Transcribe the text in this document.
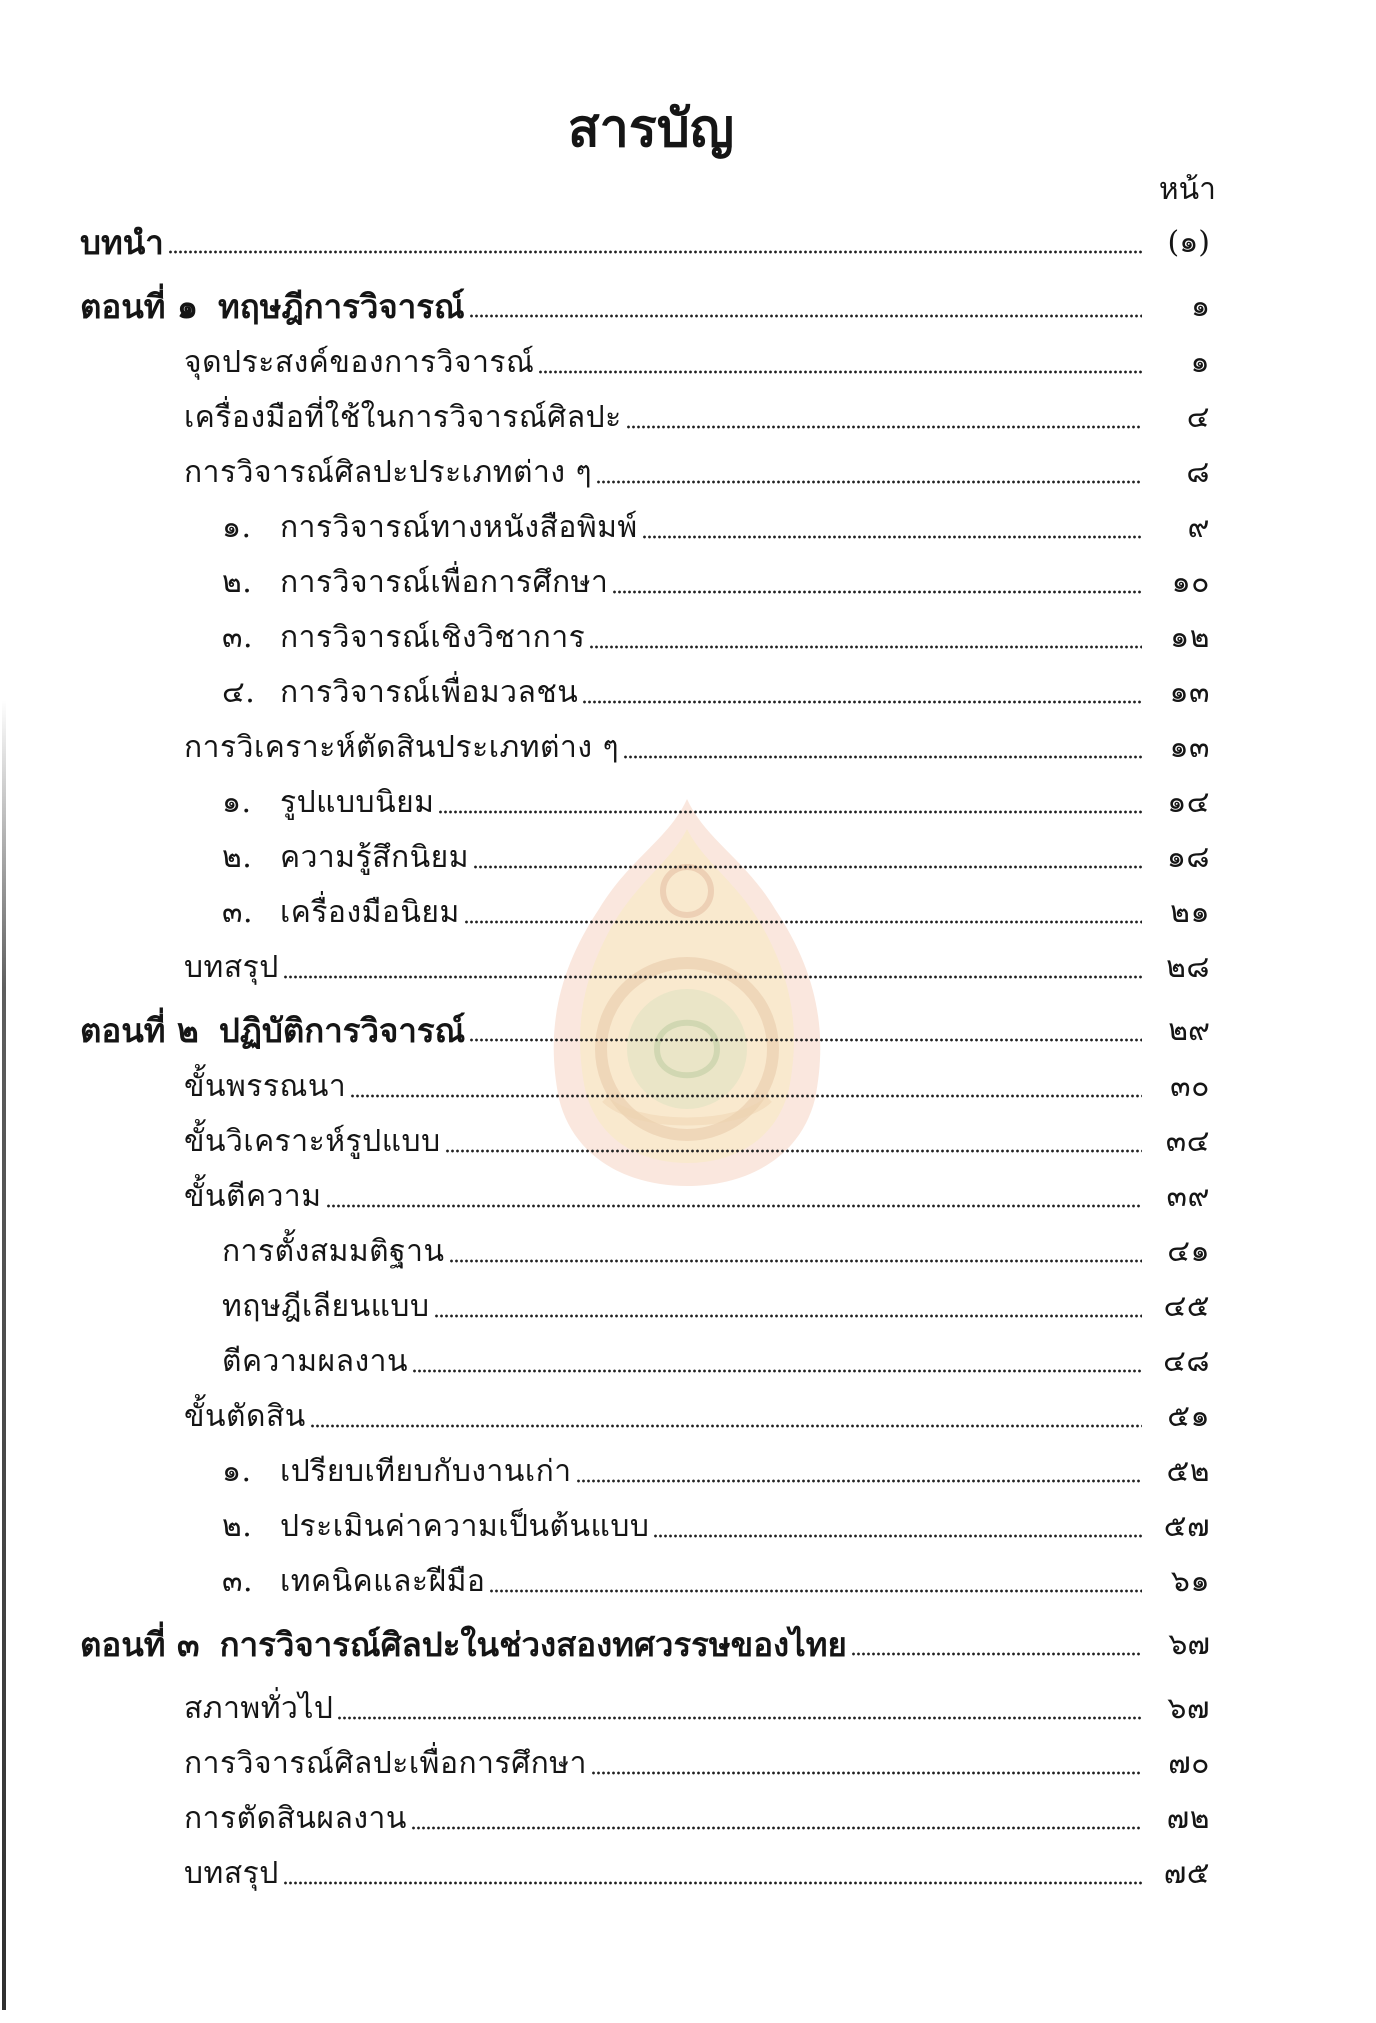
สารบัญ
หน้า
บทนำ	(๑)
ตอนที่ ๑ ทฤษฎีการวิจารณ์	๑
จุดประสงค์ของการวิจารณ์	๑
เครื่องมือที่ใช้ในการวิจารณ์ศิลปะ	๔
การวิจารณ์ศิลปะประเภทต่าง ๆ	๘
๑. การวิจารณ์ทางหนังสือพิมพ์	๙
๒. การวิจารณ์เพื่อการศึกษา	๑๐
๓. การวิจารณ์เชิงวิชาการ	๑๒
๔. การวิจารณ์เพื่อมวลชน	๑๓
การวิเคราะห์ตัดสินประเภทต่าง ๆ	๑๓
๑. รูปแบบนิยม	๑๔
๒. ความรู้สึกนิยม	๑๘
๓. เครื่องมือนิยม	๒๑
บทสรุป	๒๘
ตอนที่ ๒ ปฏิบัติการวิจารณ์	๒๙
ขั้นพรรณนา	๓๐
ขั้นวิเคราะห์รูปแบบ	๓๔
ขั้นตีความ	๓๙
การตั้งสมมติฐาน	๔๑
ทฤษฎีเลียนแบบ	๔๕
ตีความผลงาน	๔๘
ขั้นตัดสิน	๕๑
๑. เปรียบเทียบกับงานเก่า	๕๒
๒. ประเมินค่าความเป็นต้นแบบ	๕๗
๓. เทคนิคและฝีมือ	๖๑
ตอนที่ ๓ การวิจารณ์ศิลปะในช่วงสองทศวรรษของไทย	๖๗
สภาพทั่วไป	๖๗
การวิจารณ์ศิลปะเพื่อการศึกษา	๗๐
การตัดสินผลงาน	๗๒
บทสรุป	๗๕
